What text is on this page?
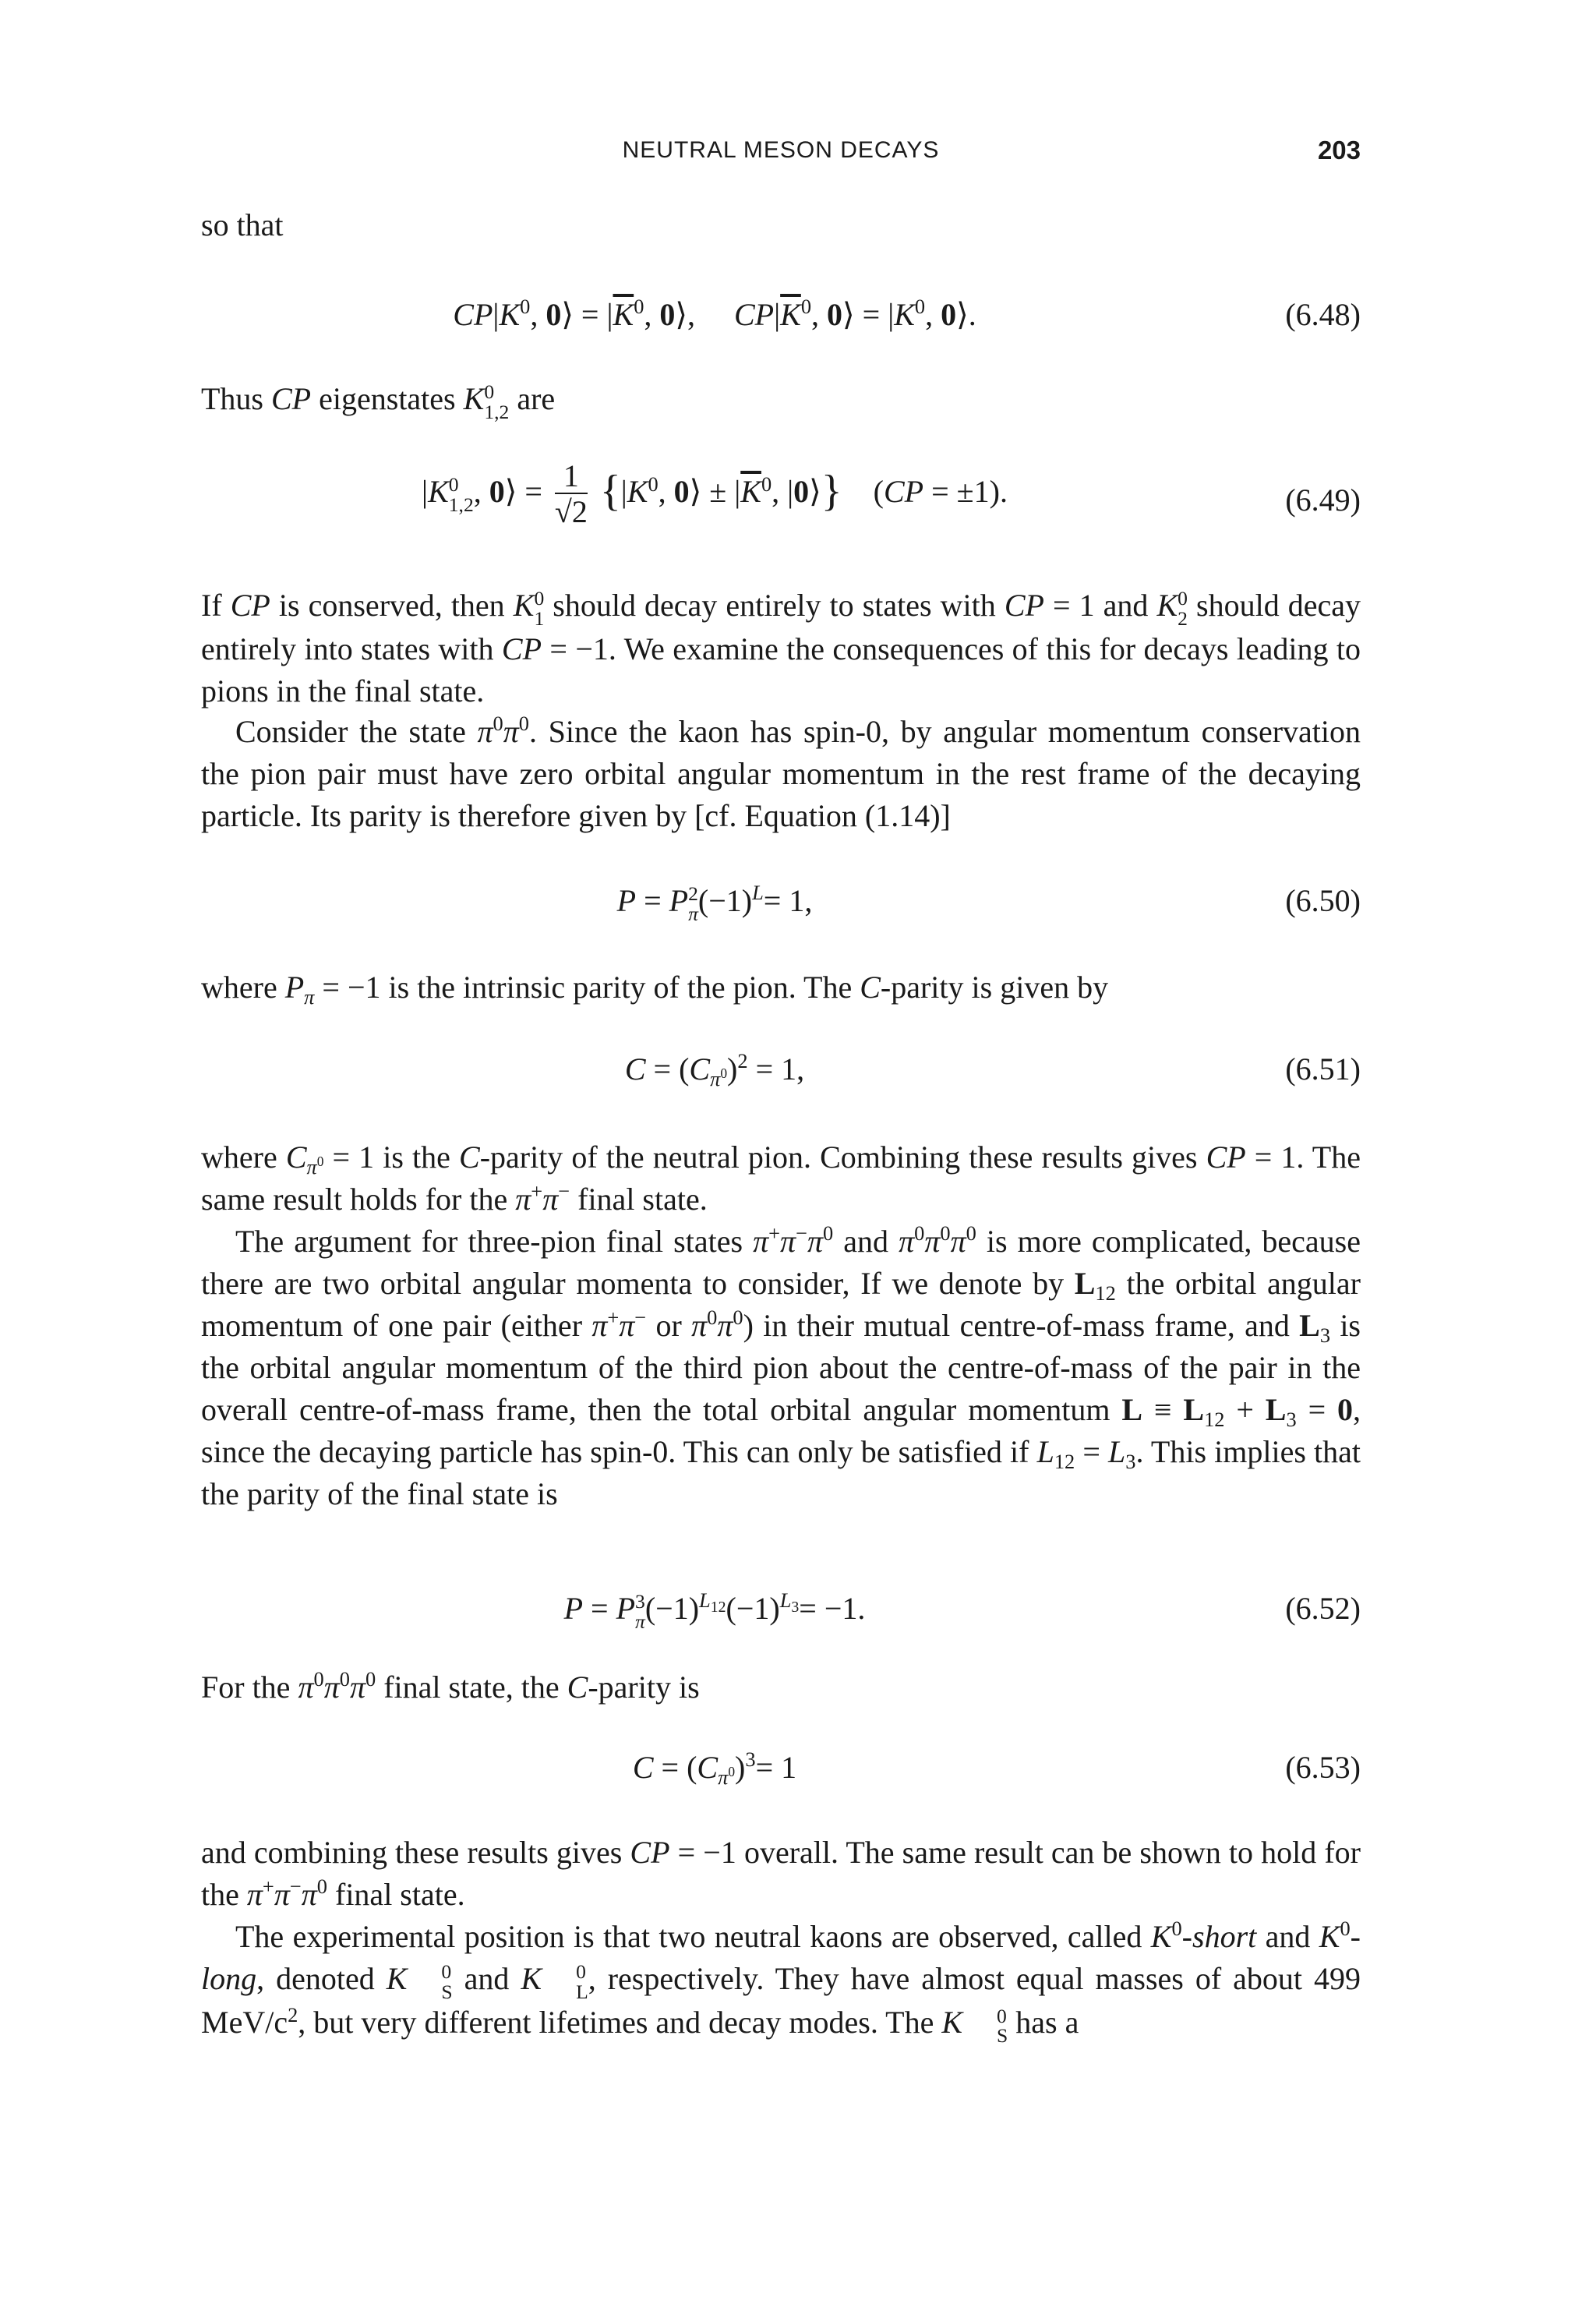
NEUTRAL MESON DECAYS	203

so that

$CP|K^0$, 0⟩ = $|\overline{K}^0$, 0⟩,     $CP|\overline{K}^0$, 0⟩ = $|K^0$, 0⟩.	(6.48)

Thus CP eigenstates K 0
1,2 are

|K 0
1,2 , 0⟩ = $\frac{1}{√2} \{|K^0$, 0⟩ ± $|\overline{K}^0$, |0⟩}    (CP = ±1).	(6.49)

If CP is conserved, then K 0
1 should decay entirely to states with CP = 1 and K 0
2 should decay entirely into states with CP = −1. We examine the consequences of this for decays leading to pions in the final state.

Consider the state $\pi^0\pi^0$. Since the kaon has spin-0, by angular momentum conservation the pion pair must have zero orbital angular momentum in the rest frame of the decaying particle. Its parity is therefore given by [cf. Equation (1.14)]

P = P 2
π $(-1)^L= 1$,	(6.50)

where $P_\pi = -1$ is the intrinsic parity of the pion. The C-parity is given by

$C = (C_{\pi^0})^2 = 1$,	(6.51)

where $C_{\pi^0} = 1$ is the C-parity of the neutral pion. Combining these results gives CP = 1. The same result holds for the π+π− final state.

The argument for three-pion final states $\pi^+\pi^-\pi^0$ and $\pi^0\pi^0\pi^0$ is more complicated, because there are two orbital angular momenta to consider, If we denote by $L_{12}$ the orbital angular momentum of one pair (either π+π− or $\pi^0\pi^0$) in their mutual centre-of-mass frame, and $L_3$ is the orbital angular momentum of the third pion about the centre-of-mass of the pair in the overall centre-of-mass frame, then the total orbital angular momentum $L \equiv L_{12} + L_3 = 0$, since the decaying particle has spin-0. This can only be satisfied if $L_{12} = L_3$. This implies that the parity of the final state is

P = P 3
π $(-1)^{L_{12}}(-1)^{L_3}= -1$.	(6.52)

For the $\pi^0\pi^0\pi^0$ final state, the C-parity is

$C = (C_{\pi^0})^3= 1$	(6.53)

and combining these results gives CP = −1 overall. The same result can be shown to hold for the $\pi^+\pi^-\pi^0$ final state.

The experimental position is that two neutral kaons are observed, called $K^0$-short and $K^0$-long, denoted K	0
S and K	0
L , respectively. They have almost equal masses of about 499 MeV/$c^2$, but very different lifetimes and decay modes. The K	0
S has a
